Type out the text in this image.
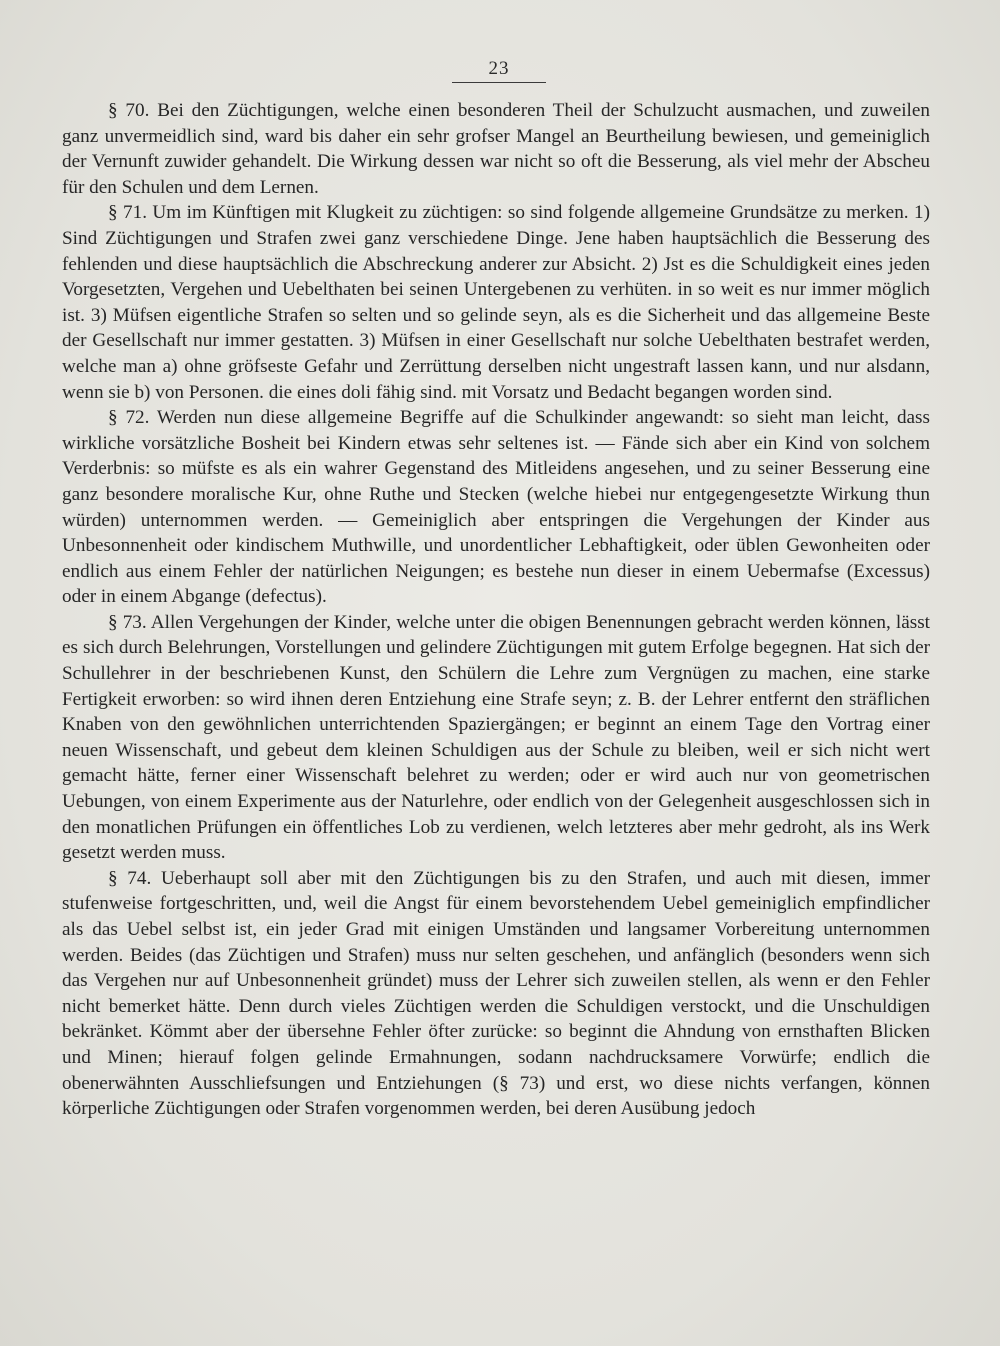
23

§ 70. Bei den Züchtigungen, welche einen besonderen Theil der Schulzucht ausmachen, und zuweilen ganz unvermeidlich sind, ward bis daher ein sehr grofser Mangel an Beurtheilung bewiesen, und gemeiniglich der Vernunft zuwider gehandelt. Die Wirkung dessen war nicht so oft die Besserung, als viel mehr der Abscheu für den Schulen und dem Lernen.

§ 71. Um im Künftigen mit Klugkeit zu züchtigen: so sind folgende allgemeine Grundsätze zu merken. 1) Sind Züchtigungen und Strafen zwei ganz verschiedene Dinge. Jene haben hauptsächlich die Besserung des fehlenden und diese hauptsächlich die Abschreckung anderer zur Absicht. 2) Jst es die Schuldigkeit eines jeden Vorgesetzten, Vergehen und Uebelthaten bei seinen Untergebenen zu verhüten. in so weit es nur immer möglich ist. 3) Müfsen eigentliche Strafen so selten und so gelinde seyn, als es die Sicherheit und das allgemeine Beste der Gesellschaft nur immer gestatten. 3) Müfsen in einer Gesellschaft nur solche Uebelthaten bestrafet werden, welche man a) ohne gröfseste Gefahr und Zerrüttung derselben nicht ungestraft lassen kann, und nur alsdann, wenn sie b) von Personen. die eines doli fähig sind. mit Vorsatz und Bedacht begangen worden sind.

§ 72. Werden nun diese allgemeine Begriffe auf die Schulkinder angewandt: so sieht man leicht, dass wirkliche vorsätzliche Bosheit bei Kindern etwas sehr seltenes ist. — Fände sich aber ein Kind von solchem Verderbnis: so müfste es als ein wahrer Gegenstand des Mitleidens angesehen, und zu seiner Besserung eine ganz besondere moralische Kur, ohne Ruthe und Stecken (welche hiebei nur entgegengesetzte Wirkung thun würden) unternommen werden. — Gemeiniglich aber entspringen die Vergehungen der Kinder aus Unbesonnenheit oder kindischem Muthwille, und unordentlicher Lebhaftigkeit, oder üblen Gewonheiten oder endlich aus einem Fehler der natürlichen Neigungen; es bestehe nun dieser in einem Uebermafse (Excessus) oder in einem Abgange (defectus).

§ 73. Allen Vergehungen der Kinder, welche unter die obigen Benennungen gebracht werden können, lässt es sich durch Belehrungen, Vorstellungen und gelindere Züchtigungen mit gutem Erfolge begegnen. Hat sich der Schullehrer in der beschriebenen Kunst, den Schülern die Lehre zum Vergnügen zu machen, eine starke Fertigkeit erworben: so wird ihnen deren Entziehung eine Strafe seyn; z. B. der Lehrer entfernt den sträflichen Knaben von den gewöhnlichen unterrichtenden Spaziergängen; er beginnt an einem Tage den Vortrag einer neuen Wissenschaft, und gebeut dem kleinen Schuldigen aus der Schule zu bleiben, weil er sich nicht wert gemacht hätte, ferner einer Wissenschaft belehret zu werden; oder er wird auch nur von geometrischen Uebungen, von einem Experimente aus der Naturlehre, oder endlich von der Gelegenheit ausgeschlossen sich in den monatlichen Prüfungen ein öffentliches Lob zu verdienen, welch letzteres aber mehr gedroht, als ins Werk gesetzt werden muss.

§ 74. Ueberhaupt soll aber mit den Züchtigungen bis zu den Strafen, und auch mit diesen, immer stufenweise fortgeschritten, und, weil die Angst für einem bevorstehendem Uebel gemeiniglich empfindlicher als das Uebel selbst ist, ein jeder Grad mit einigen Umständen und langsamer Vorbereitung unternommen werden. Beides (das Züchtigen und Strafen) muss nur selten geschehen, und anfänglich (besonders wenn sich das Vergehen nur auf Unbesonnenheit gründet) muss der Lehrer sich zuweilen stellen, als wenn er den Fehler nicht bemerket hätte. Denn durch vieles Züchtigen werden die Schuldigen verstockt, und die Unschuldigen bekränket. Kömmt aber der übersehne Fehler öfter zurücke: so beginnt die Ahndung von ernsthaften Blicken und Minen; hierauf folgen gelinde Ermahnungen, sodann nachdrucksamere Vorwürfe; endlich die obenerwähnten Ausschliefsungen und Entziehungen (§ 73) und erst, wo diese nichts verfangen, können körperliche Züchtigungen oder Strafen vorgenommen werden, bei deren Ausübung jedoch
